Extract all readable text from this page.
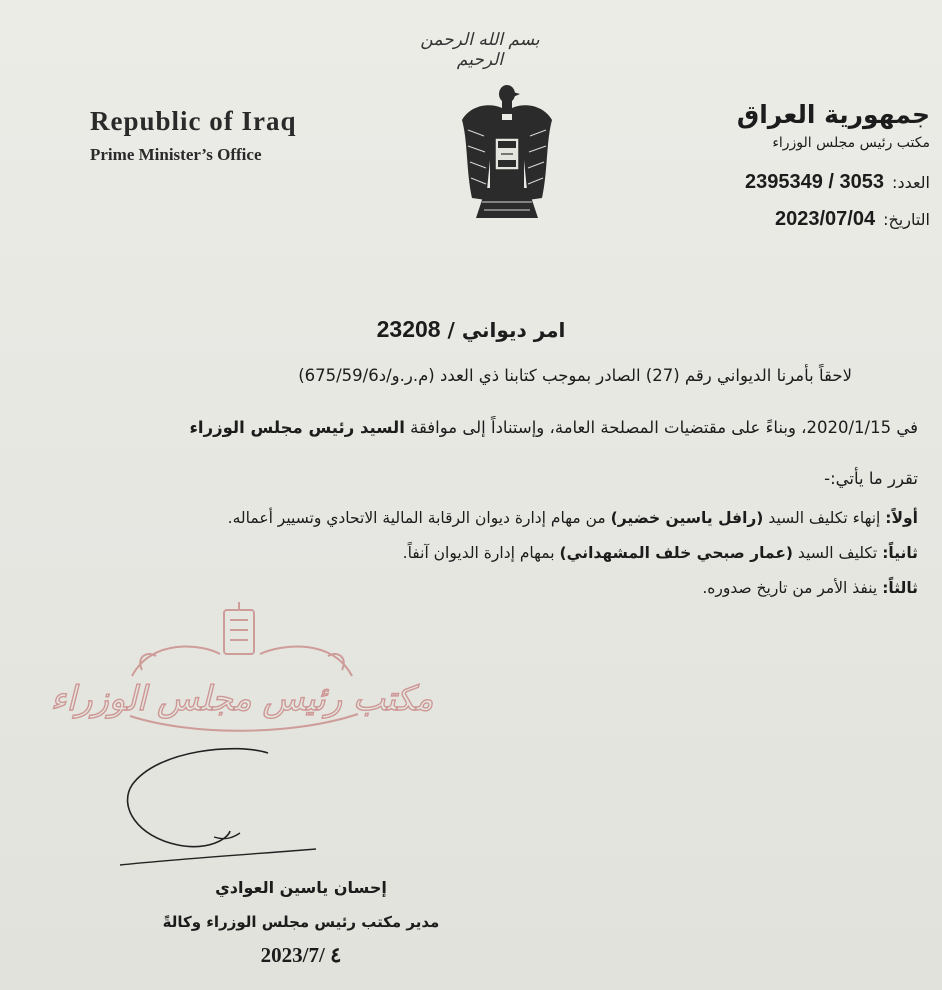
بسم الله الرحمن الرحيم
Republic of Iraq
Prime Minister’s Office
جمهورية العراق
مكتب رئيس مجلس الوزراء
العدد:
2395349 / 3053
التاريخ:
2023/07/04
امر ديواني / 23208

لاحقاً بأمرنا الديواني رقم (27) الصادر بموجب كتابنا ذي العدد (م.ر.و/د675/59/6)

في 2020/1/15، وبناءً على مقتضيات المصلحة العامة، وإستناداً إلى موافقة السيد رئيس مجلس الوزراء

تقرر ما يأتي:-

أولاً: إنهاء تكليف السيد (رافل ياسين خضير) من مهام إدارة ديوان الرقابة المالية الاتحادي وتسيير أعماله.

ثانياً: تكليف السيد (عمار صبحي خلف المشهداني) بمهام إدارة الديوان آنفاً.

ثالثاً: ينفذ الأمر من تاريخ صدوره.

مكتب رئيس مجلس الوزراء
إحسان ياسين العوادي
مدير مكتب رئيس مجلس الوزراء وكالةً
2023/7/ ٤
